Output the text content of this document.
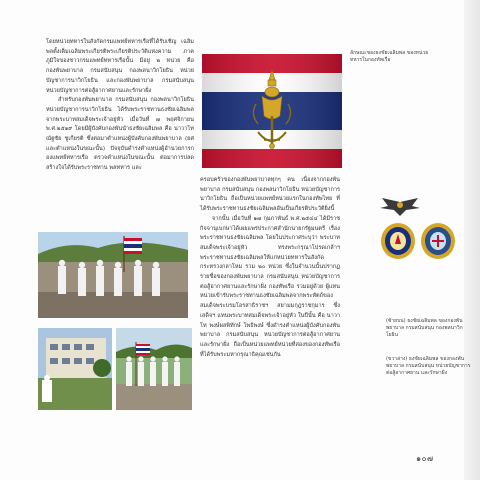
โดยหน่วยทหารในสังกัดกรมแพทย์ทหารเรือที่ได้รับเชิญ เฉลิมพลตั้งเต็มเฉลิมพระเกียรติพระเกียรติประวัติแห่งความ ภาคภูมิใจของชาวกรมแพทย์ทหารเรือนั้น มีอยู่ ๒ หน่วย คือ กองพันพยาบาล กรมสนับสนุน กองพลนาวิกโยธิน หน่วย บัญชาการนาวิกโยธิน และกองพันพยาบาล กรมสนับสนุน หน่วยบัญชาการต่อสู้อากาศยานและรักษาฝั่ง

สำหรับกองพันพยาบาล กรมสนับสนุน กองพลนาวิกโยธิน หน่วยบัญชาการนาวิกโยธิน ได้รับพระราชทานธงชัยเฉลิมพล จากพระบาทสมเด็จพระเจ้าอยู่หัว เมื่อวันที่ ๗ พฤศจิกายน พ.ศ.๒๕๑๙ โดยมีผู้บังคับกองพันนำธงชัยเฉลิมพล คือ นาวาโท ณัฐชัย ชูเกียรติ ซึ่งต่อมาตำแหน่งผู้บังคับกองพันพยาบาล (ยศและตำแหน่งในขณะนั้น) ปัจจุบันดำรงตำแหน่งผู้อำนวยการกองแพทย์ทหารเรือ ตรวจตำแหน่งในขณะนั้น ต่อมาการปลดสร้างใจได้รับพระราชทาน พลทหาร และ

ลักษณะของธงชัยเฉลิมพล ของหน่วยทหารในกองทัพเรือ

ครอบครัวของกองพันพยาบาลทุกๆ คน เนื่องจากกองพันพยาบาล กรมสนับสนุน กองพลนาวิกโยธิน หน่วยบัญชาการนาวิกโยธิน ถือเป็นหน่วยแพทย์หน่วยแรกในกองทัพไทย ที่ได้รับพระราชทานธงชัยเฉลิมพลอันเป็นเกียรติประวัติยิ่งนี้

จากนั้น เมื่อวันที่ ๑๗ กุมภาพันธ์ พ.ศ.๒๕๔๔ ได้มีราชกิจจานุเบกษาได้เผยแพร่ประกาศสำนักนายกรัฐมนตรี เรื่อง พระราชทานธงชัยเฉลิมพล โดยในประกาศระบุว่า พระบาทสมเด็จพระเจ้าอยู่หัว ทรงพระกรุณาโปรดเกล้าฯ พระราชทานธงชัยเฉลิมพลให้แก่หน่วยทหารในสังกัดกระทรวงกลาโหม รวม ๒๐ หน่วย ซึ่งในจำนวนนั้นปรากฏรายชื่อของกองพันพยาบาล กรมสนับสนุน หน่วยบัญชาการต่อสู้อากาศยานและรักษาฝั่ง กองทัพเรือ รวมอยู่ด้วย ผู้แทนหน่วยเข้ารับพระราชทานธงชัยเฉลิมพลจากพระหัตถ์ของสมเด็จพระบรมโอรสาธิราชฯ สยามมกุฎราชกุมาร ซึ่งเสด็จฯ แทนพระบาทสมเด็จพระเจ้าอยู่หัว ในปีนั้น คือ นาวาโท พงษ์ผลพิทักษ์ โพธิพงษ์ ซึ่งดำรงตำแหน่งผู้บังคับกองพันพยาบาล กรมสนับสนุน หน่วยบัญชาการต่อสู้อากาศยานและรักษาฝั่ง ถือเป็นหน่วยแพทย์หน่วยที่สองของกองทัพเรือที่ได้รับพระมหากรุณาธิคุณเช่นกัน

(ซ้ายบน) ธงชัยเฉลิมพล ของกองพันพยาบาล กรมสนับสนุน กองพลนาวิกโยธิน
(ขวาล่าง) ธงชัยเฉลิมพล ของกองพันพยาบาล กรมสนับสนุน หน่วยบัญชาการต่อสู้อากาศยาน และรักษาฝั่ง
๑๐๗
